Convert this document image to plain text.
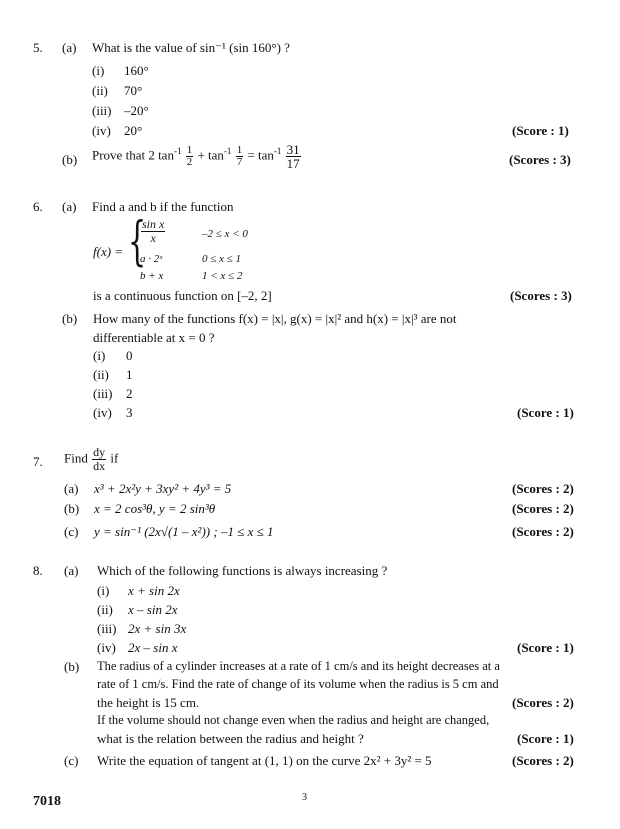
5. (a) What is the value of sin⁻¹ (sin 160°) ?
(i) 160°
(ii) 70°
(iii) –20°
(iv) 20°	(Score : 1)
(b) Prove that 2 $\tan^{-1} \frac{1}{2} + \tan^{-1} \frac{1}{7} = \tan^{-1} \frac{31}{17}$	(Scores : 3)
6. (a) Find a and b if the function
f(x) = {
$\frac{\text{sin x}}{x}$	–2 ≤ x < 0
a · 2ˣ	0 ≤ x ≤ 1
b + x	1 < x ≤ 2
is a continuous function on [–2, 2]	(Scores : 3)
(b) How many of the functions f(x) = |x|, g(x) = |x|² and h(x) = |x|³ are not
differentiable at x = 0 ?
(i) 0
(ii) 1
(iii) 2
(iv) 3	(Score : 1)
7. Find $\frac{dy}{dx}$ if
(a) x³ + 2x²y + 3xy² + 4y³ = 5	(Scores : 2)
(b) x = 2 cos³θ, y = 2 sin³θ	(Scores : 2)
(c) y = sin⁻¹ (2x√(1 – x²)) ; –1 ≤ x ≤ 1	(Scores : 2)
8. (a) Which of the following functions is always increasing ?
(i) x + sin 2x
(ii) x – sin 2x
(iii) 2x + sin 3x
(iv) 2x – sin x	(Score : 1)
(b) The radius of a cylinder increases at a rate of 1 cm/s and its height decreases at a
rate of 1 cm/s. Find the rate of change of its volume when the radius is 5 cm and
the height is 15 cm.	(Scores : 2)
If the volume should not change even when the radius and height are changed,
what is the relation between the radius and height ?	(Score : 1)
(c) Write the equation of tangent at (1, 1) on the curve 2x² + 3y² = 5	(Scores : 2)
7018	3
